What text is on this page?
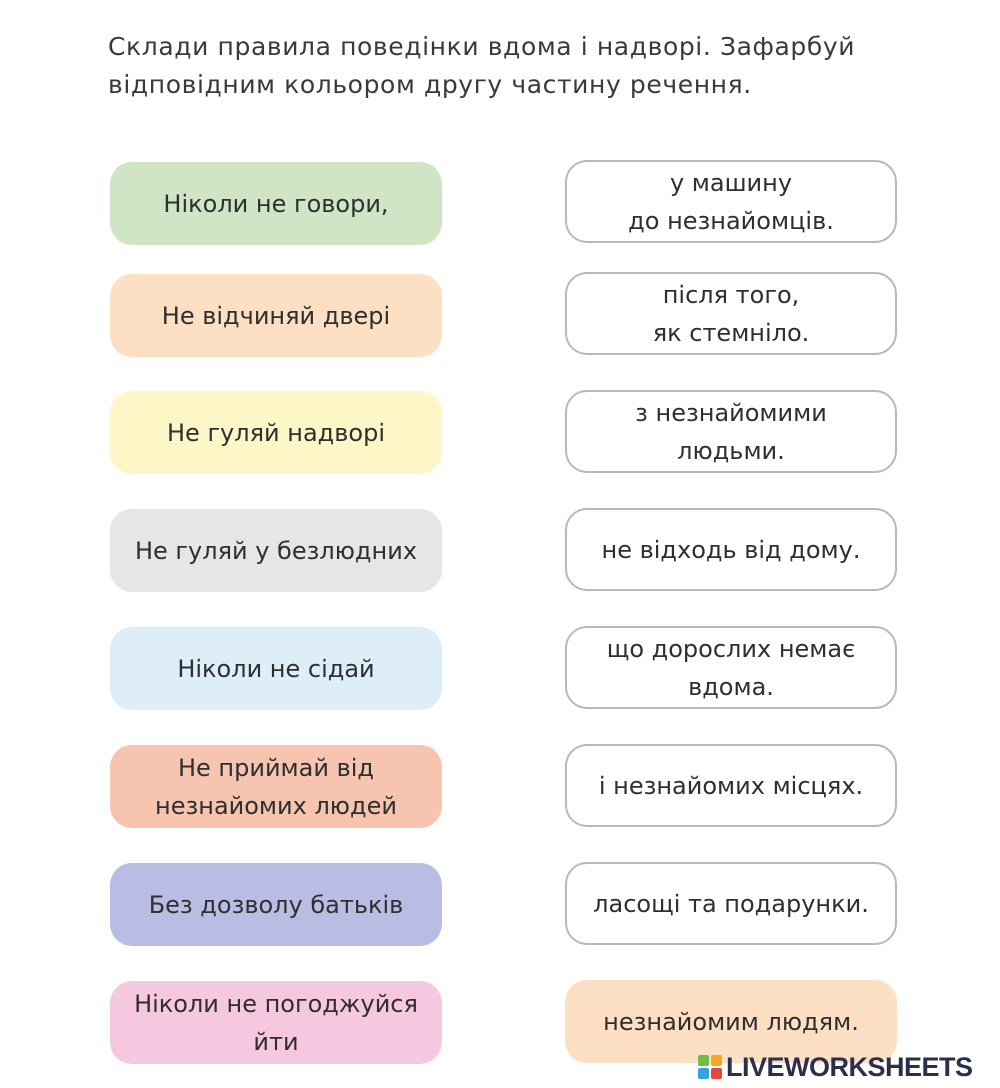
Склади правила поведінки вдома і надворі. Зафарбуй

відповідним кольором другу частину речення.

Ніколи не говори,
Не відчиняй двері
Не гуляй надворі
Не гуляй у безлюдних
Ніколи не сідай
Не приймай від
незнайомих людей
Без дозволу батьків
Ніколи не погоджуйся
йти
у машину
до незнайомців.
після того,
як стемніло.
з незнайомими
людьми.
не відходь від дому.
що дорослих немає
вдома.
і незнайомих місцях.
ласощі та подарунки.
незнайомим людям.
LIVEWORKSHEETS
